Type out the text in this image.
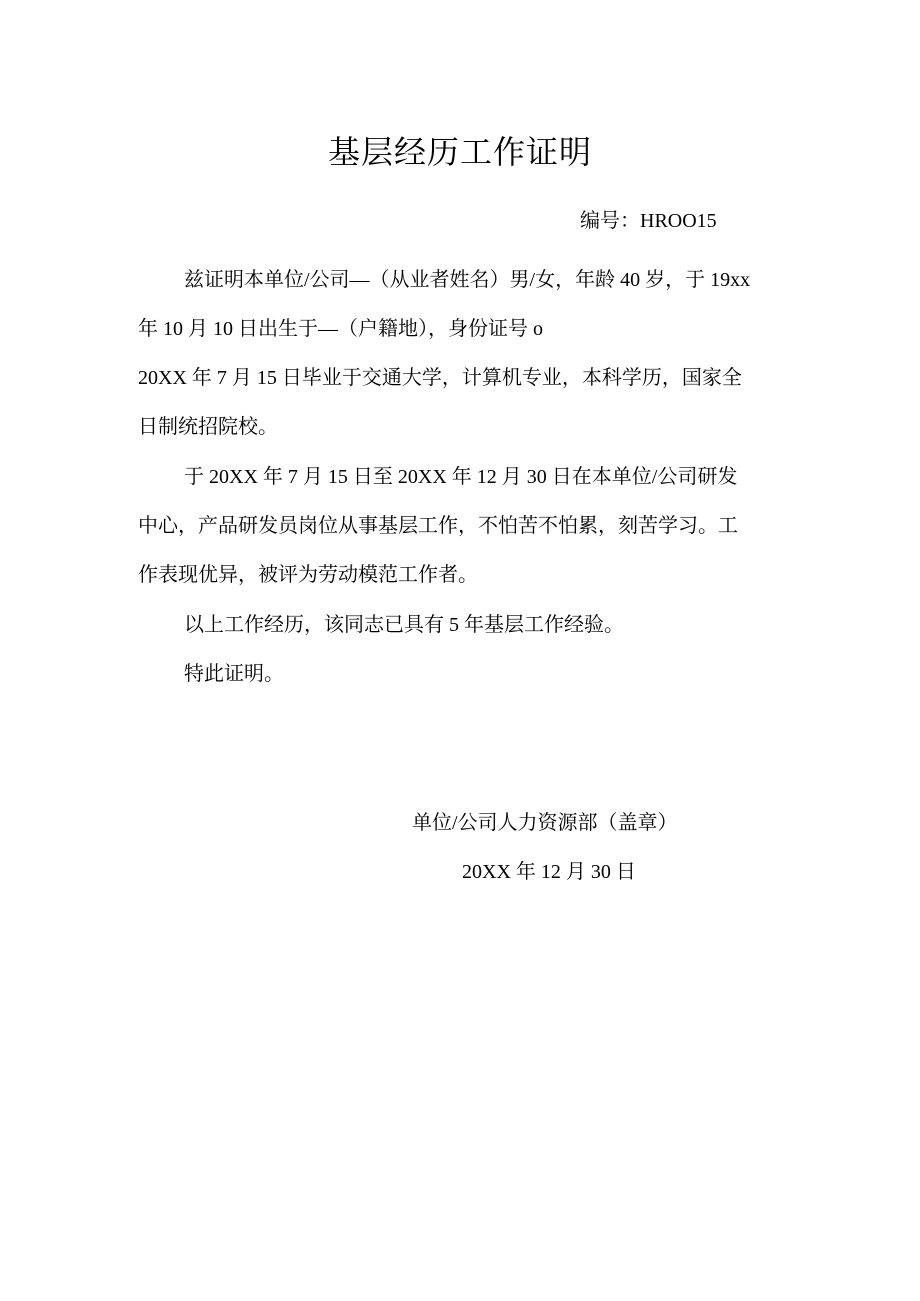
基层经历工作证明
编号：HROO15
兹证明本单位/公司—（从业者姓名）男/女，年龄 40 岁，于 19xx
年 10 月 10 日出生于—（户籍地），身份证号 o
20XX 年 7 月 15 日毕业于交通大学，计算机专业，本科学历，国家全
日制统招院校。
于 20XX 年 7 月 15 日至 20XX 年 12 月 30 日在本单位/公司研发
中心，产品研发员岗位从事基层工作，不怕苦不怕累，刻苦学习。工
作表现优异，被评为劳动模范工作者。
以上工作经历，该同志已具有 5 年基层工作经验。
特此证明。
单位/公司人力资源部（盖章）
20XX 年 12 月 30 日
